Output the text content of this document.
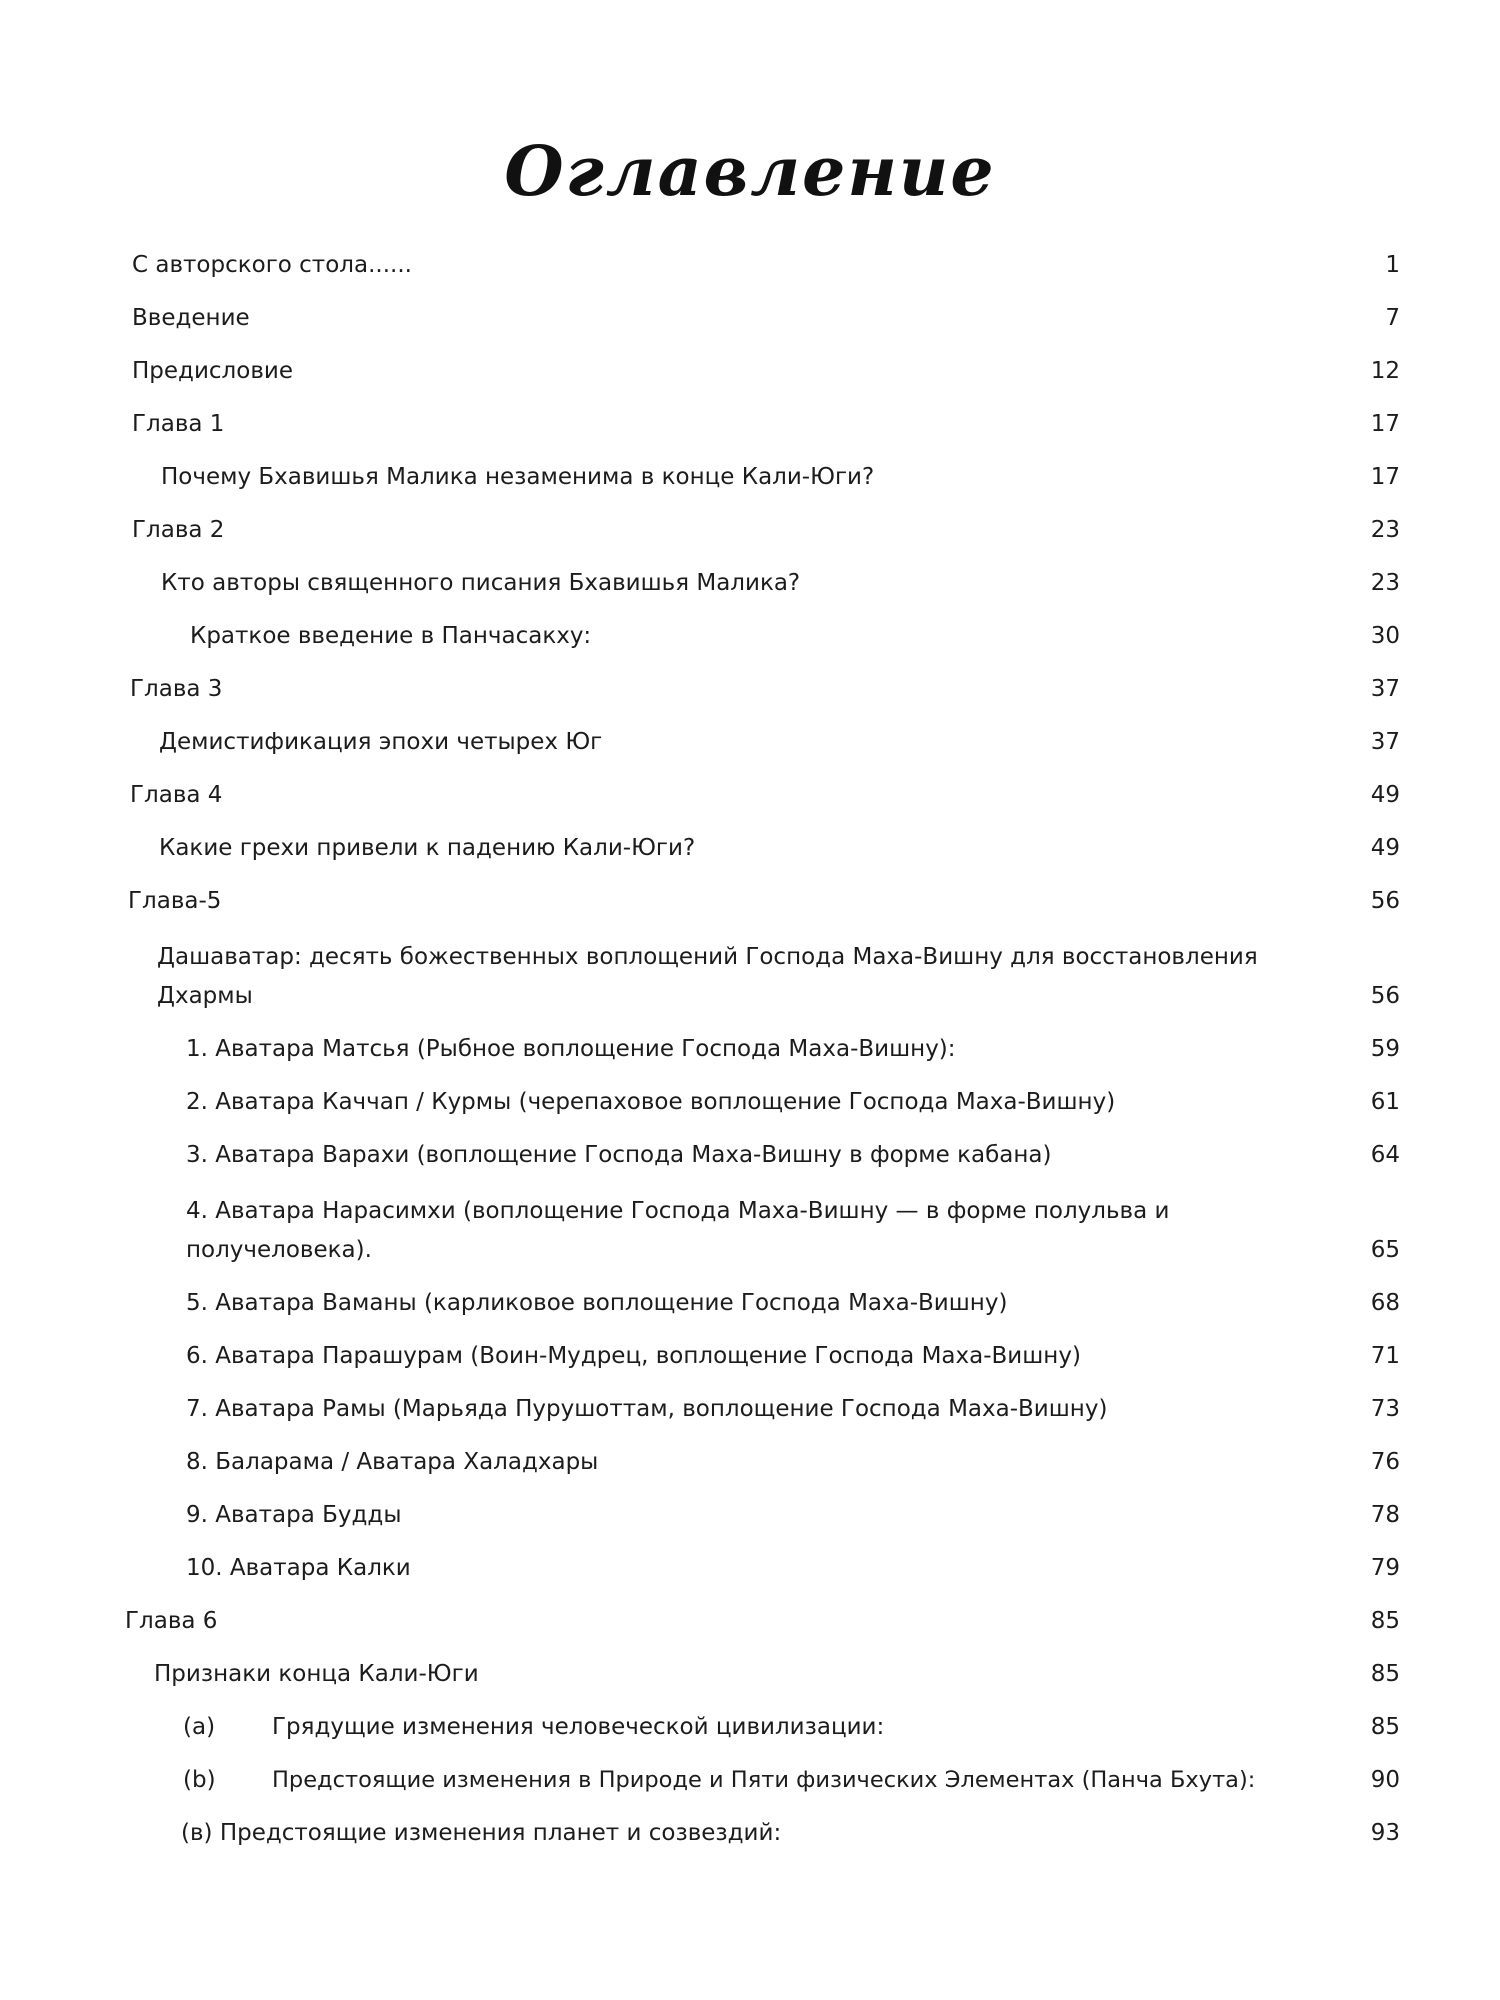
Оглавление
С авторского стола......	1
Введение	7
Предисловие	12
Глава 1	17
Почему Бхавишья Малика незаменима в конце Кали-Юги?	17
Глава 2	23
Кто авторы священного писания Бхавишья Малика?	23
Краткое введение в Панчасакху:	30
Глава 3	37
Демистификация эпохи четырех Юг	37
Глава 4	49
Какие грехи привели к падению Кали-Юги?	49
Глава-5	56
Дашаватар: десять божественных воплощений Господа Маха-Вишну для восстановления
Дхармы	56
1. Аватара Матсья (Рыбное воплощение Господа Маха-Вишну):	59
2. Аватара Каччап / Курмы (черепаховое воплощение Господа Маха-Вишну)	61
3. Аватара Варахи (воплощение Господа Маха-Вишну в форме кабана)	64
4. Аватара Нарасимхи (воплощение Господа Маха-Вишну — в форме полульва и
получеловека).	65
5. Аватара Ваманы (карликовое воплощение Господа Маха-Вишну)	68
6. Аватара Парашурам (Воин-Мудрец, воплощение Господа Маха-Вишну)	71
7. Аватара Рамы (Марьяда Пурушоттам, воплощение Господа Маха-Вишну)	73
8. Баларама / Аватара Халадхары	76
9. Аватара Будды	78
10. Аватара Калки	79
Глава 6	85
Признаки конца Кали-Юги	85
(a) Грядущие изменения человеческой цивилизации:	85
(b)	Предстоящие изменения в Природе и Пяти физических Элементах (Панча Бхута):	90
(в) Предстоящие изменения планет и созвездий:	93
